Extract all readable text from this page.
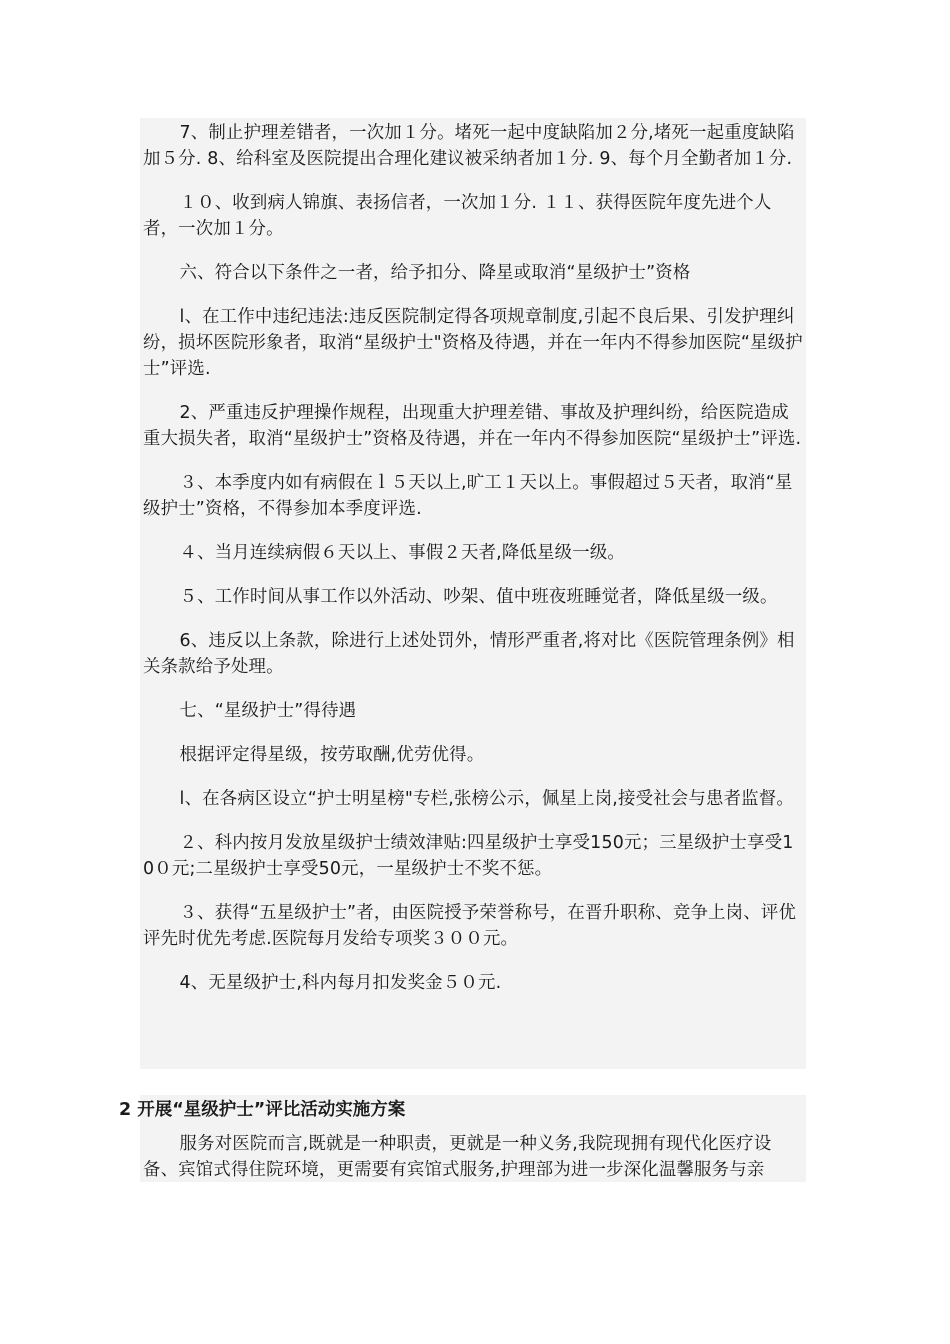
7、制止护理差错者，一次加１分。堵死一起中度缺陷加２分,堵死一起重度缺陷加５分. 8、给科室及医院提出合理化建议被采纳者加１分. 9、每个月全勤者加１分.

１０、收到病人锦旗、表扬信者，一次加１分. １１、获得医院年度先进个人者，一次加１分。

六、符合以下条件之一者，给予扣分、降星或取消“星级护士”资格

l、在工作中违纪违法:违反医院制定得各项规章制度,引起不良后果、引发护理纠纷，损坏医院形象者，取消“星级护士"资格及待遇，并在一年内不得参加医院“星级护士”评选.

2、严重违反护理操作规程，出现重大护理差错、事故及护理纠纷，给医院造成重大损失者，取消“星级护士”资格及待遇，并在一年内不得参加医院“星级护士”评选.

３、本季度内如有病假在ｌ５天以上,旷工１天以上。事假超过５天者，取消“星级护士”资格，不得参加本季度评选.

４、当月连续病假６天以上、事假２天者,降低星级一级。

５、工作时间从事工作以外活动、吵架、值中班夜班睡觉者，降低星级一级。

6、违反以上条款，除进行上述处罚外，情形严重者,将对比《医院管理条例》相关条款给予处理。

七、“星级护士”得待遇

根据评定得星级，按劳取酬,优劳优得。

l、在各病区设立“护士明星榜"专栏,张榜公示，佩星上岗,接受社会与患者监督。

２、科内按月发放星级护士绩效津贴:四星级护士享受150元；三星级护士享受10０元;二星级护士享受50元，一星级护士不奖不惩。

３、获得“五星级护士”者，由医院授予荣誉称号，在晋升职称、竞争上岗、评优评先时优先考虑.医院每月发给专项奖３００元。

4、无星级护士,科内每月扣发奖金５０元.

2 开展“星级护士”评比活动实施方案

服务对医院而言,既就是一种职责，更就是一种义务,我院现拥有现代化医疗设备、宾馆式得住院环境，更需要有宾馆式服务,护理部为进一步深化温馨服务与亲
